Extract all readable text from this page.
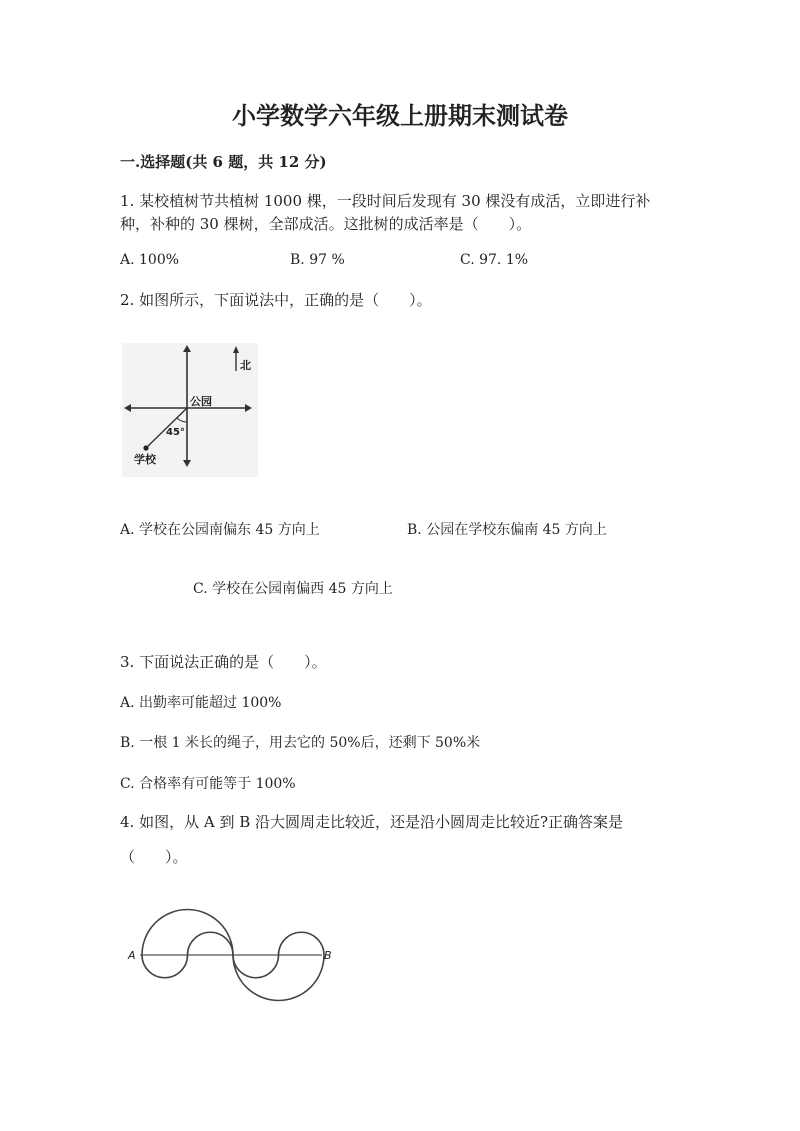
小学数学六年级上册期末测试卷
一.选择题(共 6 题，共 12 分)
1. 某校植树节共植树 1000 棵，一段时间后发现有 30 棵没有成活，立即进行补
种，补种的 30 棵树，全部成活。这批树的成活率是（　　）。
A. 100%	B. 97 %	C. 97. 1%
2. 如图所示，下面说法中，正确的是（　　）。
北
公园
45°
学校
A. 学校在公园南偏东 45 方向上	B. 公园在学校东偏南 45 方向上
C. 学校在公园南偏西 45 方向上
3. 下面说法正确的是（　　）。
A. 出勤率可能超过 100%
B. 一根 1 米长的绳子，用去它的 50%后，还剩下 50%米
C. 合格率有可能等于 100%
4. 如图，从 A 到 B 沿大圆周走比较近，还是沿小圆周走比较近?正确答案是
（　　）。
A	B
